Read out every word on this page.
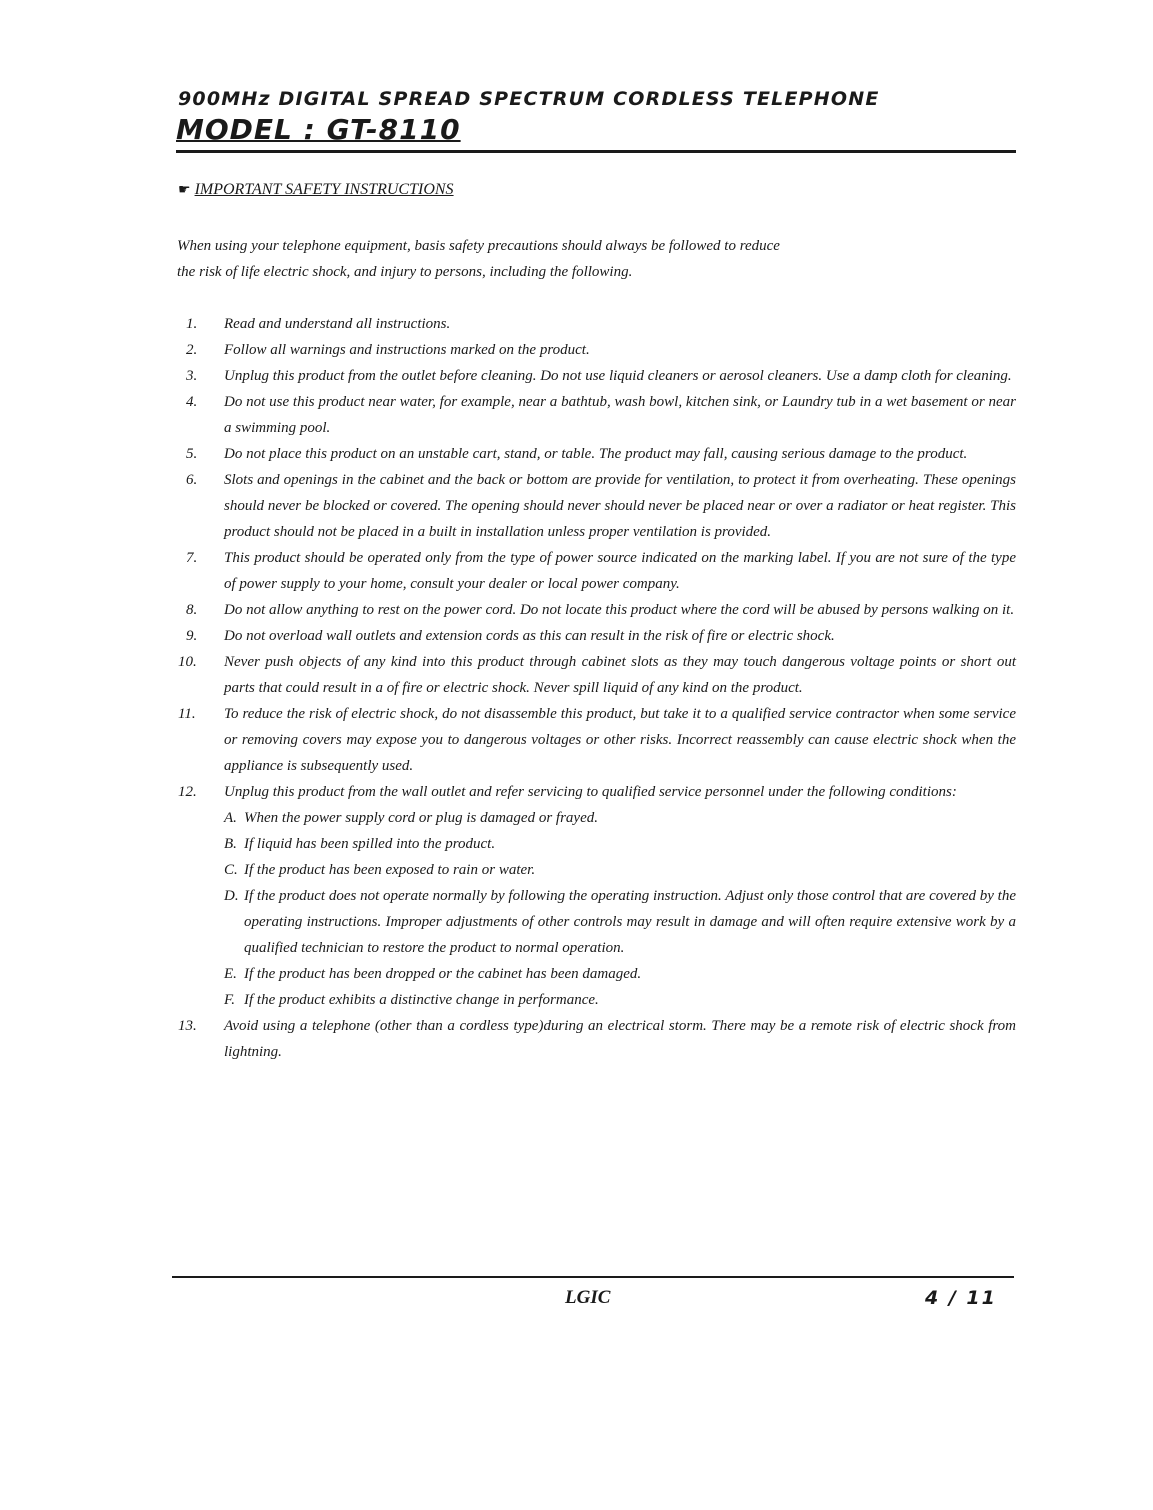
900MHz DIGITAL SPREAD SPECTRUM CORDLESS TELEPHONE
MODEL : GT-8110
☛ IMPORTANT SAFETY INSTRUCTIONS
When using your telephone equipment, basis safety precautions should always be followed to reduce
the risk of life electric shock, and injury to persons, including the following.
1.	Read and understand all instructions.
2.	Follow all warnings and instructions marked on the product.
3.	Unplug this product from the outlet before cleaning. Do not use liquid cleaners or aerosol cleaners. Use a damp cloth for cleaning.
4.	Do not use this product near water, for example, near a bathtub, wash bowl, kitchen sink, or Laundry tub in a wet basement or near a swimming pool.
5.	Do not place this product on an unstable cart, stand, or table. The product may fall, causing serious damage to the product.
6.	Slots and openings in the cabinet and the back or bottom are provide for ventilation, to protect it from overheating. These openings should never be blocked or covered. The opening should never should never be placed near or over a radiator or heat register. This product should not be placed in a built in installation unless proper ventilation is provided.
7.	This product should be operated only from the type of power source indicated on the marking label. If you are not sure of the type of power supply to your home, consult your dealer or local power company.
8.	Do not allow anything to rest on the power cord. Do not locate this product where the cord will be abused by persons walking on it.
9.	Do not overload wall outlets and extension cords as this can result in the risk of fire or electric shock.
10.	Never push objects of any kind into this product through cabinet slots as they may touch dangerous voltage points or short out parts that could result in a of fire or electric shock. Never spill liquid of any kind on the product.
11.	To reduce the risk of electric shock, do not disassemble this product, but take it to a qualified service contractor when some service or removing covers may expose you to dangerous voltages or other risks. Incorrect reassembly can cause electric shock when the appliance is subsequently used.
12.	Unplug this product from the wall outlet and refer servicing to qualified service personnel under the following conditions:
A. When the power supply cord or plug is damaged or frayed.
B. If liquid has been spilled into the product.
C. If the product has been exposed to rain or water.
D. If the product does not operate normally by following the operating instruction. Adjust only those control that are covered by the operating instructions. Improper adjustments of other controls may result in damage and will often require extensive work by a qualified technician to restore the product to normal operation.
E. If the product has been dropped or the cabinet has been damaged.
F. If the product exhibits a distinctive change in performance.
13.	Avoid using a telephone (other than a cordless type)during an electrical storm. There may be a remote risk of electric shock from lightning.
LGIC	4 / 11
